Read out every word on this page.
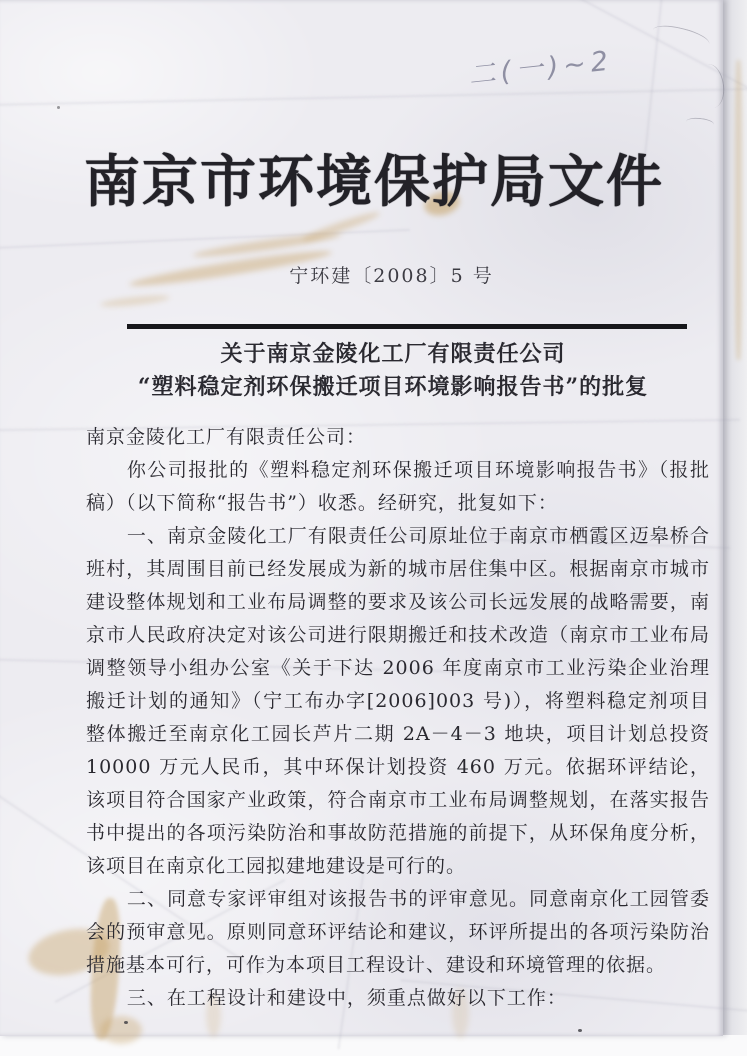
二(一)~2
南京市环境保护局文件
宁环建〔2008〕5 号
关于南京金陵化工厂有限责任公司
“塑料稳定剂环保搬迁项目环境影响报告书”的批复

南京金陵化工厂有限责任公司：

你公司报批的《塑料稳定剂环保搬迁项目环境影响报告书》（报批稿）（以下简称“报告书”）收悉。经研究，批复如下：

一、南京金陵化工厂有限责任公司原址位于南京市栖霞区迈皋桥合班村，其周围目前已经发展成为新的城市居住集中区。根据南京市城市建设整体规划和工业布局调整的要求及该公司长远发展的战略需要，南京市人民政府决定对该公司进行限期搬迁和技术改造（南京市工业布局调整领导小组办公室《关于下达 2006 年度南京市工业污染企业治理搬迁计划的通知》（宁工布办字[2006]003 号)），将塑料稳定剂项目整体搬迁至南京化工园长芦片二期 2A－4－3 地块，项目计划总投资 10000 万元人民币，其中环保计划投资 460 万元。依据环评结论，该项目符合国家产业政策，符合南京市工业布局调整规划，在落实报告书中提出的各项污染防治和事故防范措施的前提下，从环保角度分析，该项目在南京化工园拟建地建设是可行的。

二、同意专家评审组对该报告书的评审意见。同意南京化工园管委会的预审意见。原则同意环评结论和建议，环评所提出的各项污染防治措施基本可行，可作为本项目工程设计、建设和环境管理的依据。

三、在工程设计和建设中，须重点做好以下工作：
